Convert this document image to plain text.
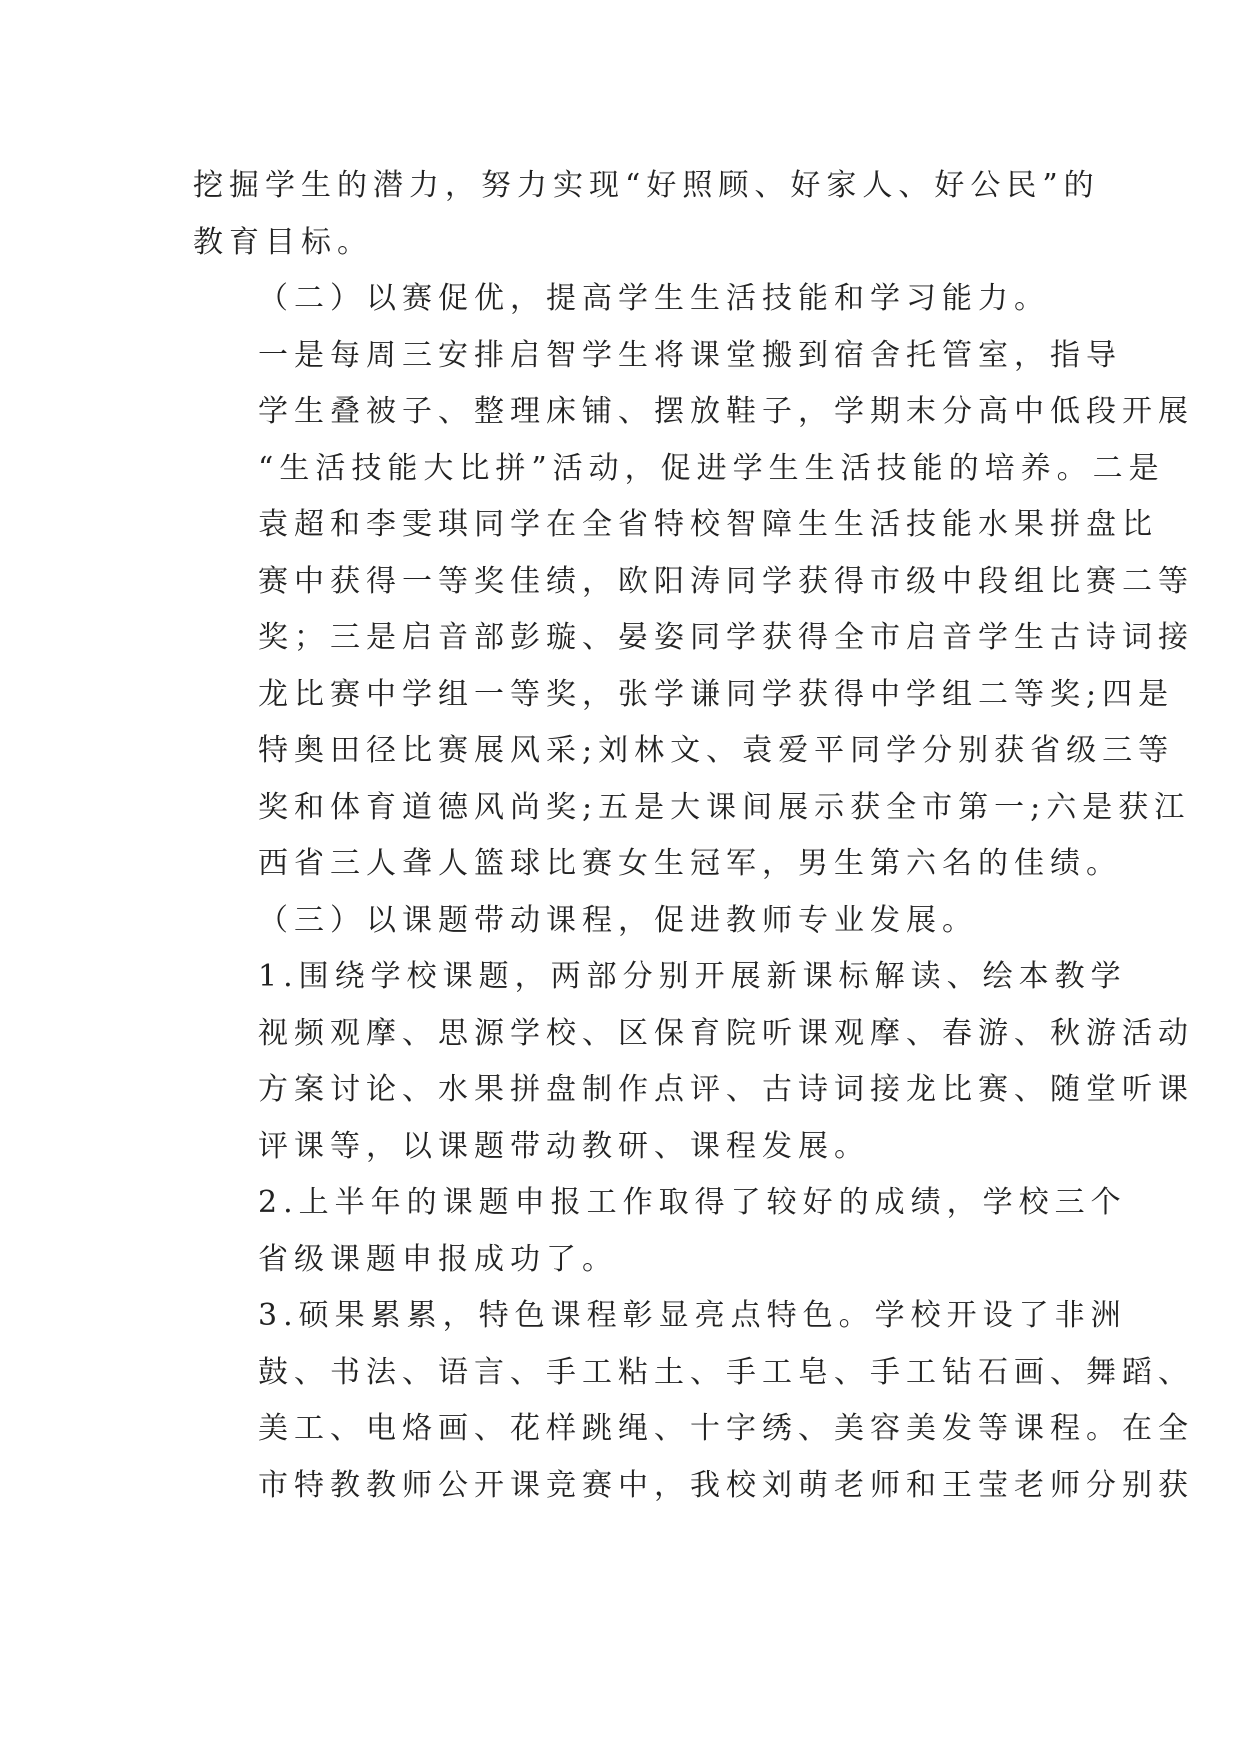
挖掘学生的潜力，努力实现“好照顾、好家人、好公民”的
教育目标。

（二）以赛促优，提高学生生活技能和学习能力。

一是每周三安排启智学生将课堂搬到宿舍托管室，指导
学生叠被子、整理床铺、摆放鞋子，学期末分高中低段开展
“生活技能大比拼”活动，促进学生生活技能的培养。二是
袁超和李雯琪同学在全省特校智障生生活技能水果拼盘比
赛中获得一等奖佳绩，欧阳涛同学获得市级中段组比赛二等
奖；三是启音部彭璇、晏姿同学获得全市启音学生古诗词接
龙比赛中学组一等奖，张学谦同学获得中学组二等奖;四是
特奥田径比赛展风采;刘林文、袁爱平同学分别获省级三等
奖和体育道德风尚奖;五是大课间展示获全市第一;六是获江
西省三人聋人篮球比赛女生冠军，男生第六名的佳绩。

（三）以课题带动课程，促进教师专业发展。

1.围绕学校课题，两部分别开展新课标解读、绘本教学
视频观摩、思源学校、区保育院听课观摩、春游、秋游活动
方案讨论、水果拼盘制作点评、古诗词接龙比赛、随堂听课
评课等，以课题带动教研、课程发展。

2.上半年的课题申报工作取得了较好的成绩，学校三个
省级课题申报成功了。

3.硕果累累，特色课程彰显亮点特色。学校开设了非洲
鼓、书法、语言、手工粘土、手工皂、手工钻石画、舞蹈、
美工、电烙画、花样跳绳、十字绣、美容美发等课程。在全
市特教教师公开课竞赛中，我校刘萌老师和王莹老师分别获
